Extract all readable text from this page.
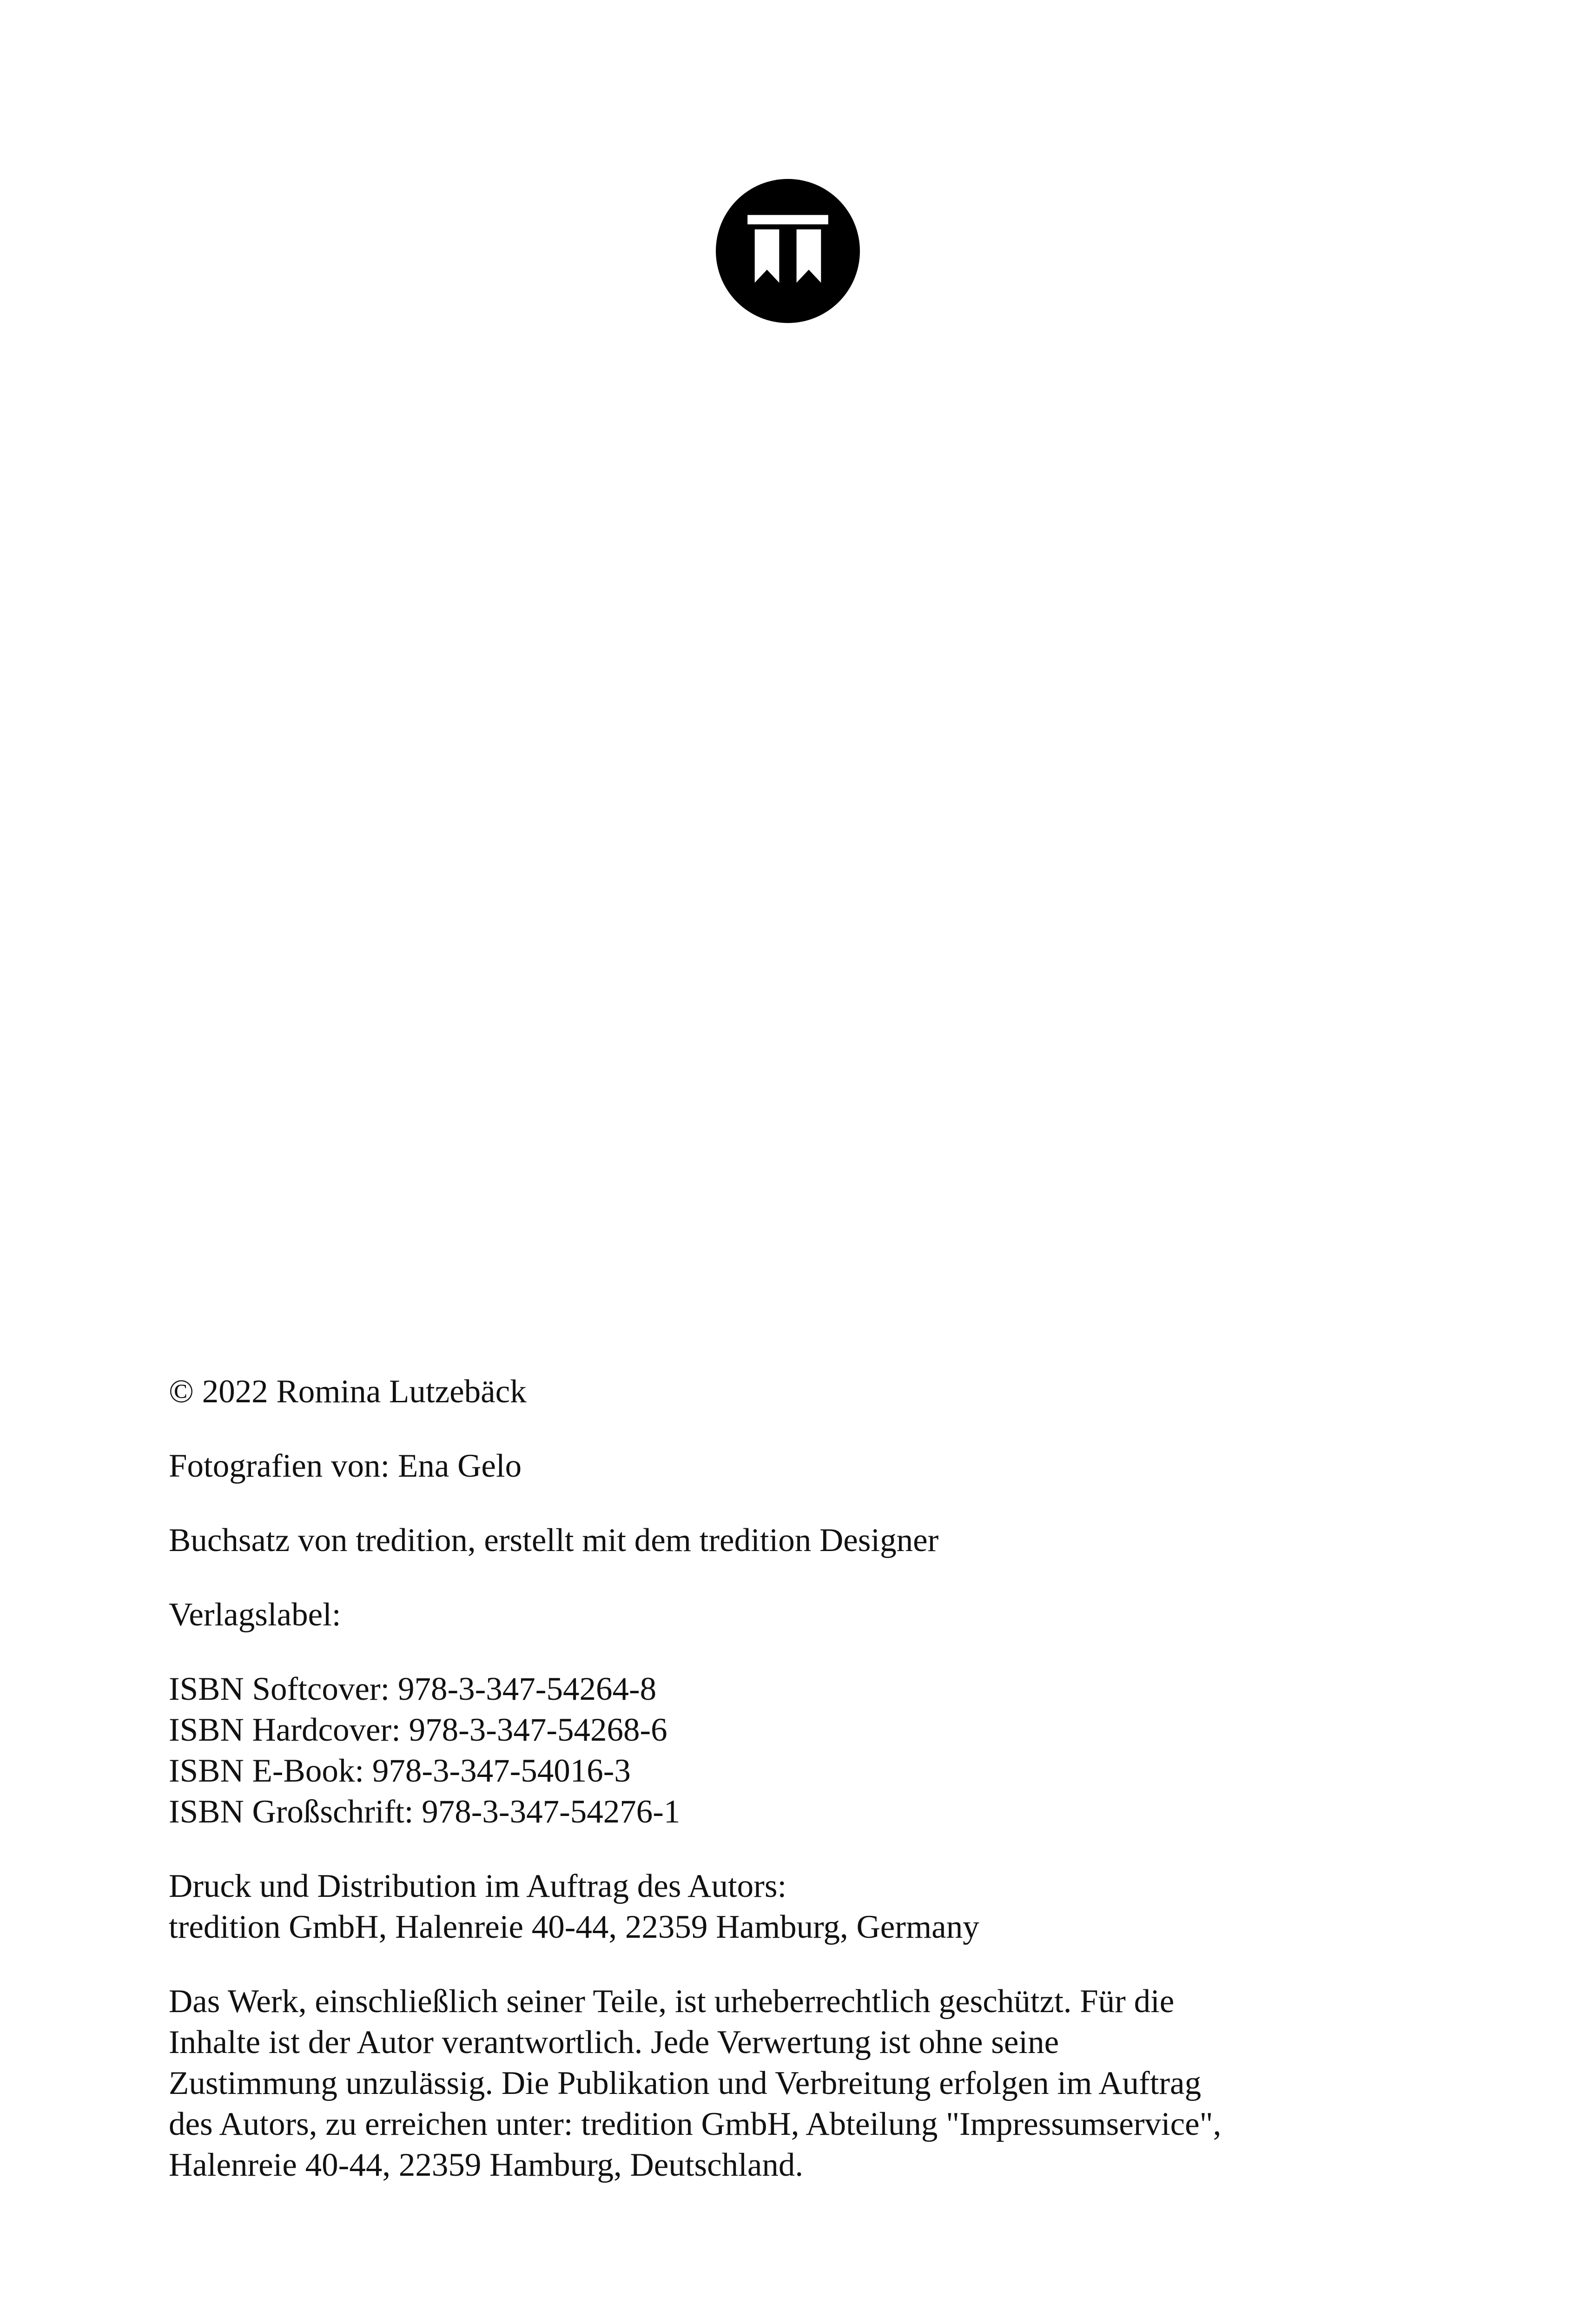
© 2022 Romina Lutzebäck
Fotografien von: Ena Gelo
Buchsatz von tredition, erstellt mit dem tredition Designer
Verlagslabel:
ISBN Softcover: 978-3-347-54264-8
ISBN Hardcover: 978-3-347-54268-6
ISBN E-Book: 978-3-347-54016-3
ISBN Großschrift: 978-3-347-54276-1
Druck und Distribution im Auftrag des Autors:
tredition GmbH, Halenreie 40-44, 22359 Hamburg, Germany
Das Werk, einschließlich seiner Teile, ist urheberrechtlich geschützt. Für die
Inhalte ist der Autor verantwortlich. Jede Verwertung ist ohne seine
Zustimmung unzulässig. Die Publikation und Verbreitung erfolgen im Auftrag
des Autors, zu erreichen unter: tredition GmbH, Abteilung "Impressumservice",
Halenreie 40-44, 22359 Hamburg, Deutschland.
